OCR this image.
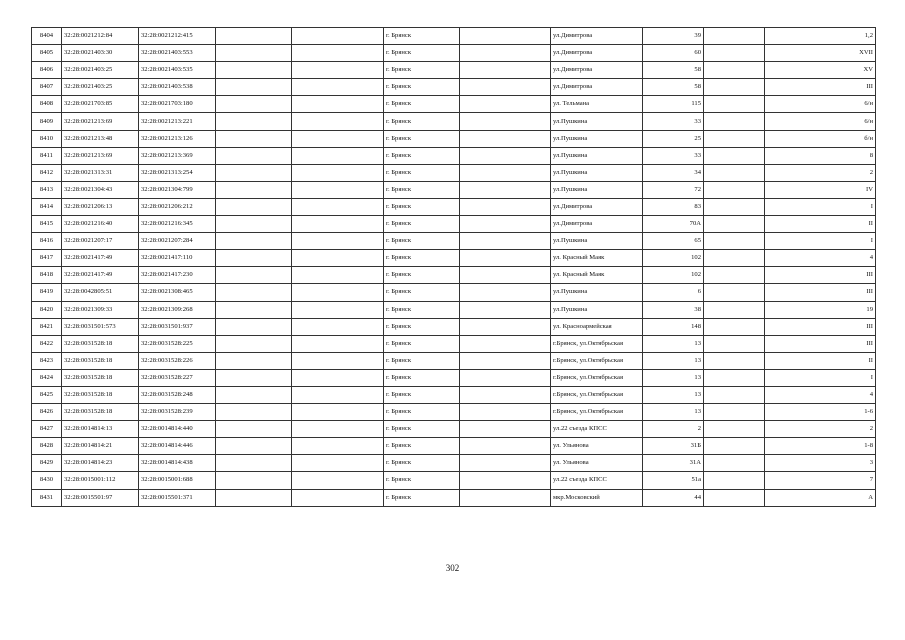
8404	32:28:0021212:84	32:28:0021212:415			г. Брянск		ул.Димитрова	39		1,2
8405	32:28:0021403:30	32:28:0021403:553			г. Брянск		ул.Димитрова	60		XVII
8406	32:28:0021403:25	32:28:0021403:535			г. Брянск		ул.Димитрова	58		XV
8407	32:28:0021403:25	32:28:0021403:538			г. Брянск		ул.Димитрова	58		III
8408	32:28:0021703:85	32:28:0021703:180			г. Брянск		ул. Тельмана	115		6/н
8409	32:28:0021213:69	32:28:0021213:221			г. Брянск		ул.Пушкина	33		6/н
8410	32:28:0021213:48	32:28:0021213:126			г. Брянск		ул.Пушкина	25		б/н
8411	32:28:0021213:69	32:28:0021213:369			г. Брянск		ул.Пушкина	33		8
8412	32:28:0021313:31	32:28:0021313:254			г. Брянск		ул.Пушкина	34		2
8413	32:28:0021304:43	32:28:0021304:799			г. Брянск		ул.Пушкина	72		IV
8414	32:28:0021206:13	32:28:0021206:212			г. Брянск		ул.Димитрова	83		I
8415	32:28:0021216:40	32:28:0021216:345			г. Брянск		ул.Димитрова	70А		II
8416	32:28:0021207:17	32:28:0021207:284			г. Брянск		ул.Пушкина	65		I
8417	32:28:0021417:49	32:28:0021417:110			г. Брянск		ул. Красный Маяк	102		4
8418	32:28:0021417:49	32:28:0021417:230			г. Брянск		ул. Красный Маяк	102		III
8419	32:28:0042805:51	32:28:0021308:465			г. Брянск		ул.Пушкина	6		III
8420	32:28:0021309:33	32:28:0021309:268			г. Брянск		ул.Пушкина	38		19
8421	32:28:0031501:573	32:28:0031501:937			г. Брянск		ул. Красноармейская	148		III
8422	32:28:0031528:18	32:28:0031528:225			г. Брянск		г.Брянск, ул.Октябрьская	13		III
8423	32:28:0031528:18	32:28:0031528:226			г. Брянск		г.Брянск, ул.Октябрьская	13		II
8424	32:28:0031528:18	32:28:0031528:227			г. Брянск		г.Брянск, ул.Октябрьская	13		I
8425	32:28:0031528:18	32:28:0031528:248			г. Брянск		г.Брянск, ул.Октябрьская	13		4
8426	32:28:0031528:18	32:28:0031528:239			г. Брянск		г.Брянск, ул.Октябрьская	13		1-6
8427	32:28:0014814:13	32:28:0014814:440			г. Брянск		ул.22 съезда КПСС	2		2
8428	32:28:0014814:21	32:28:0014814:446			г. Брянск		ул. Ульянова	31Б		1-8
8429	32:28:0014814:23	32:28:0014814:438			г. Брянск		ул. Ульянова	31А		3
8430	32:28:0015001:112	32:28:0015001:688			г. Брянск		ул.22 съезда КПСС	51а		7
8431	32:28:0015501:97	32:28:0015501:371			г. Брянск		мкр.Московский	44		А
302
